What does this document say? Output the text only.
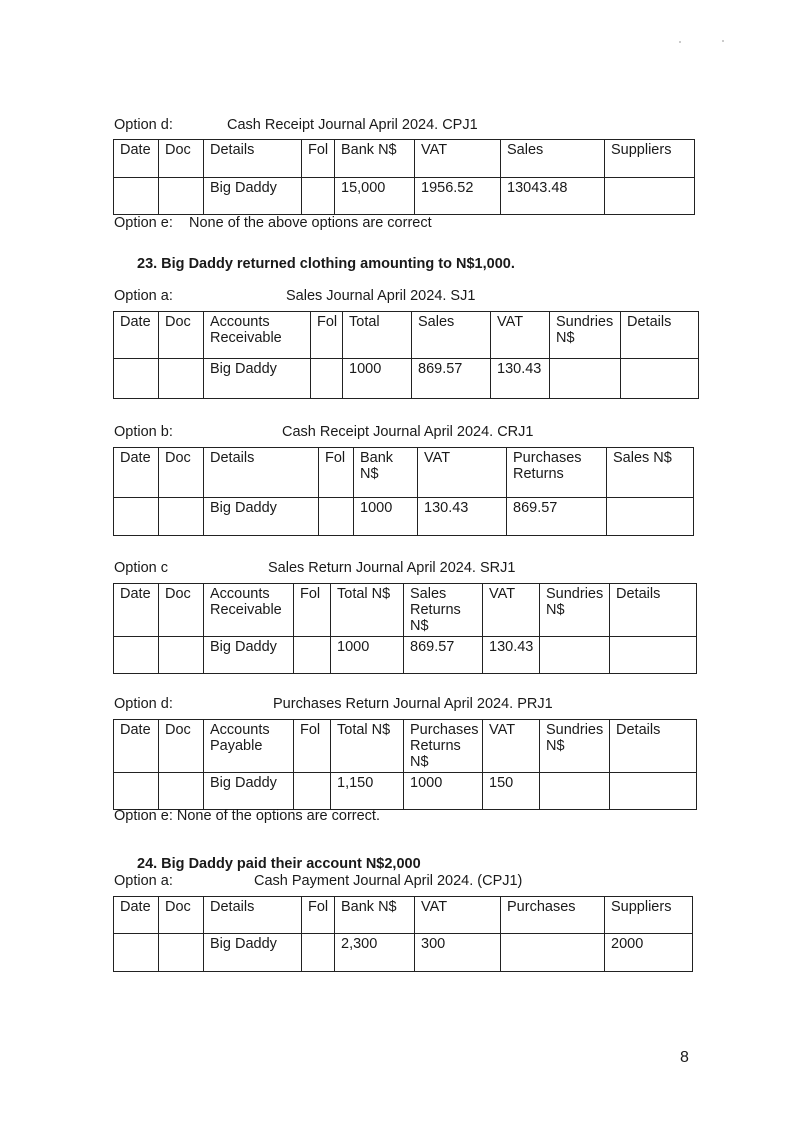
Option d:	Cash Receipt Journal April 2024. CPJ1
Date	Doc	Details	Fol	Bank N$	VAT	Sales	Suppliers
		Big Daddy		15,000	1956.52	13043.48	
Option e: None of the above options are correct
23. Big Daddy returned clothing amounting to N$1,000.
Option a:	Sales Journal April 2024. SJ1
Date	Doc	Accounts Receivable	Fol	Total	Sales	VAT	Sundries N$	Details
		Big Daddy		1000	869.57	130.43		
Option b:	Cash Receipt Journal April 2024. CRJ1
Date	Doc	Details	Fol	Bank N$	VAT	Purchases Returns	Sales N$
		Big Daddy		1000	130.43	869.57	
Option c	Sales Return Journal April 2024. SRJ1
Date	Doc	Accounts Receivable	Fol	Total N$	Sales Returns N$	VAT	Sundries N$	Details
		Big Daddy		1000	869.57	130.43		
Option d:	Purchases Return Journal April 2024. PRJ1
Date	Doc	Accounts Payable	Fol	Total N$	Purchases Returns N$	VAT	Sundries N$	Details
		Big Daddy		1,150	1000	150		
Option e: None of the options are correct.
24. Big Daddy paid their account N$2,000
Option a:	Cash Payment Journal April 2024. (CPJ1)
Date	Doc	Details	Fol	Bank N$	VAT	Purchases	Suppliers
		Big Daddy		2,300	300		2000
8
